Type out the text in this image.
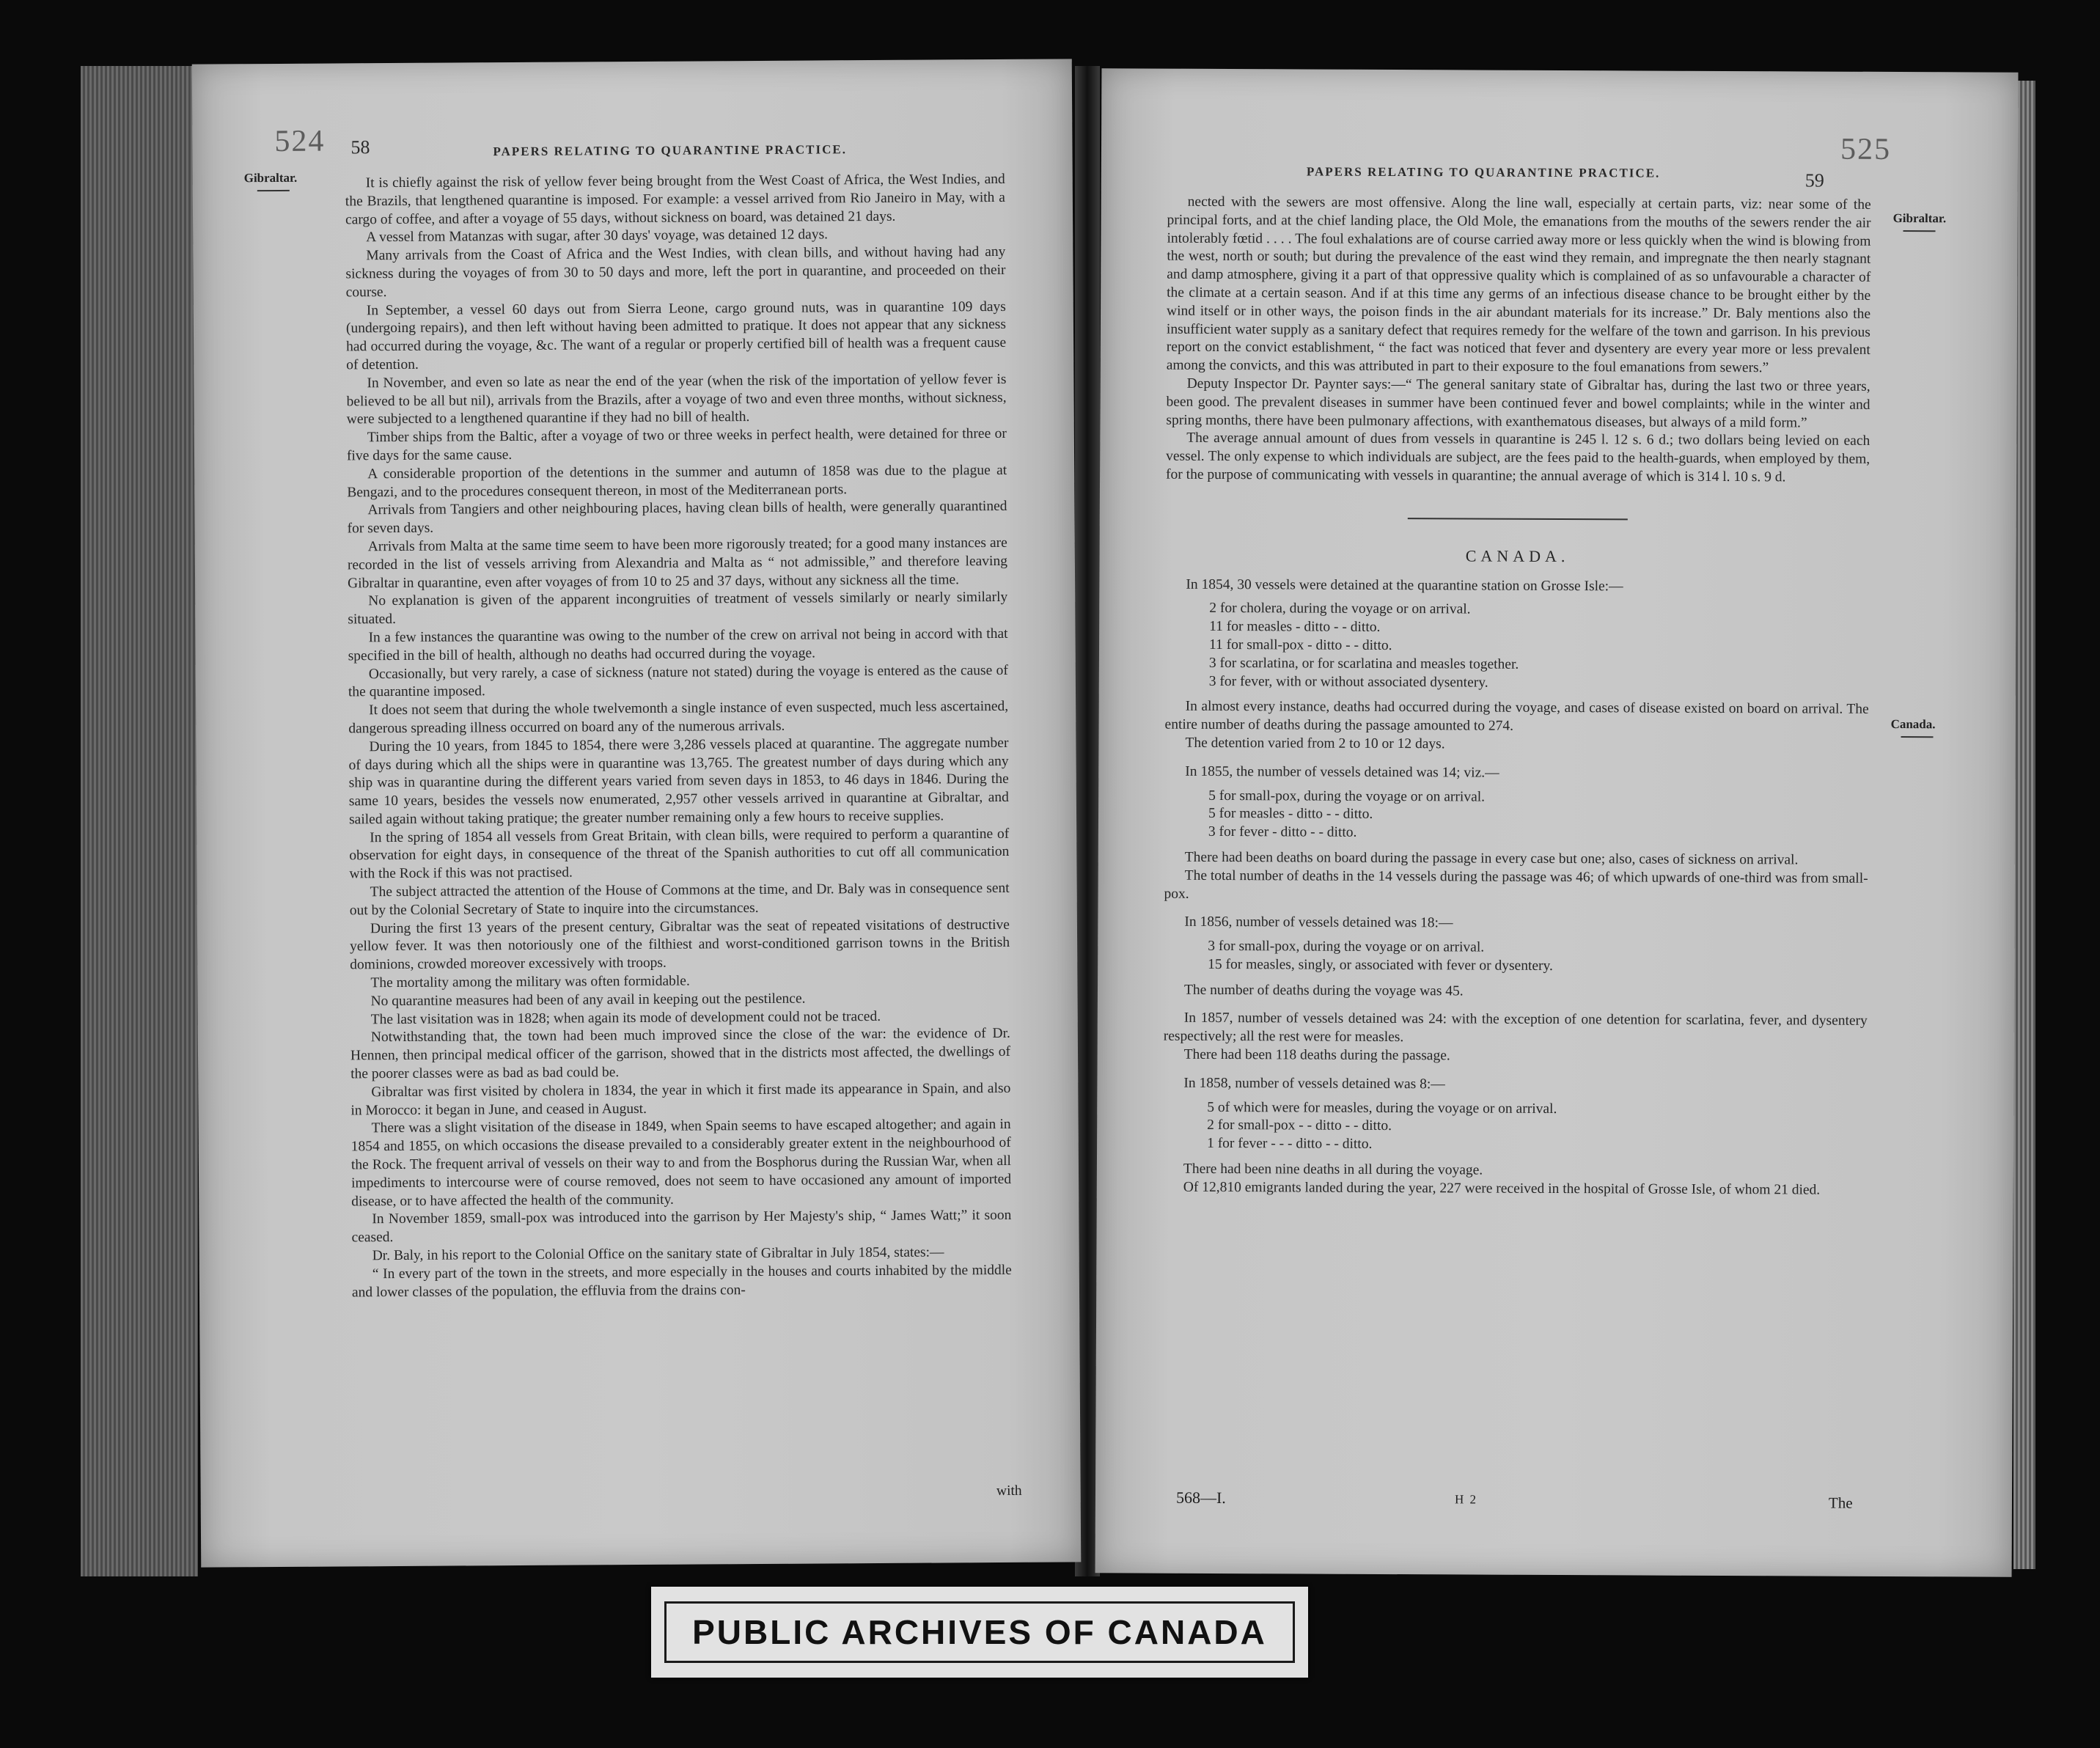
524 58	PAPERS RELATING TO QUARANTINE PRACTICE.
Gibraltar.	It is chiefly against the risk of yellow fever being brought from the West Coast of Africa, the West Indies, and the Brazils, that lengthened quarantine is imposed. For example: a vessel arrived from Rio Janeiro in May, with a cargo of coffee, and after a voyage of 55 days, without sickness on board, was detained 21 days.

A vessel from Matanzas with sugar, after 30 days' voyage, was detained 12 days.

Many arrivals from the Coast of Africa and the West Indies, with clean bills, and without having had any sickness during the voyages of from 30 to 50 days and more, left the port in quarantine, and proceeded on their course.

In September, a vessel 60 days out from Sierra Leone, cargo ground nuts, was in quarantine 109 days (undergoing repairs), and then left without having been admitted to pratique. It does not appear that any sickness had occurred during the voyage, &c. The want of a regular or properly certified bill of health was a frequent cause of detention.

In November, and even so late as near the end of the year (when the risk of the importation of yellow fever is believed to be all but nil), arrivals from the Brazils, after a voyage of two and even three months, without sickness, were subjected to a lengthened quarantine if they had no bill of health.

Timber ships from the Baltic, after a voyage of two or three weeks in perfect health, were detained for three or five days for the same cause.

A considerable proportion of the detentions in the summer and autumn of 1858 was due to the plague at Bengazi, and to the procedures consequent thereon, in most of the Mediterranean ports.

Arrivals from Tangiers and other neighbouring places, having clean bills of health, were generally quarantined for seven days.

Arrivals from Malta at the same time seem to have been more rigorously treated; for a good many instances are recorded in the list of vessels arriving from Alexandria and Malta as “ not admissible,” and therefore leaving Gibraltar in quarantine, even after voyages of from 10 to 25 and 37 days, without any sickness all the time.

No explanation is given of the apparent incongruities of treatment of vessels similarly or nearly similarly situated.

In a few instances the quarantine was owing to the number of the crew on arrival not being in accord with that specified in the bill of health, although no deaths had occurred during the voyage.

Occasionally, but very rarely, a case of sickness (nature not stated) during the voyage is entered as the cause of the quarantine imposed.

It does not seem that during the whole twelvemonth a single instance of even suspected, much less ascertained, dangerous spreading illness occurred on board any of the numerous arrivals.

During the 10 years, from 1845 to 1854, there were 3,286 vessels placed at quarantine. The aggregate number of days during which all the ships were in quarantine was 13,765. The greatest number of days during which any ship was in quarantine during the different years varied from seven days in 1853, to 46 days in 1846. During the same 10 years, besides the vessels now enumerated, 2,957 other vessels arrived in quarantine at Gibraltar, and sailed again without taking pratique; the greater number remaining only a few hours to receive supplies.

In the spring of 1854 all vessels from Great Britain, with clean bills, were required to perform a quarantine of observation for eight days, in consequence of the threat of the Spanish authorities to cut off all communication with the Rock if this was not practised.

The subject attracted the attention of the House of Commons at the time, and Dr. Baly was in consequence sent out by the Colonial Secretary of State to inquire into the circumstances.

During the first 13 years of the present century, Gibraltar was the seat of repeated visitations of destructive yellow fever. It was then notoriously one of the filthiest and worst-conditioned garrison towns in the British dominions, crowded moreover excessively with troops.

The mortality among the military was often formidable.

No quarantine measures had been of any avail in keeping out the pestilence.

The last visitation was in 1828; when again its mode of development could not be traced.

Notwithstanding that, the town had been much improved since the close of the war: the evidence of Dr. Hennen, then principal medical officer of the garrison, showed that in the districts most affected, the dwellings of the poorer classes were as bad as bad could be.

Gibraltar was first visited by cholera in 1834, the year in which it first made its appearance in Spain, and also in Morocco: it began in June, and ceased in August.

There was a slight visitation of the disease in 1849, when Spain seems to have escaped altogether; and again in 1854 and 1855, on which occasions the disease prevailed to a considerably greater extent in the neighbourhood of the Rock. The frequent arrival of vessels on their way to and from the Bosphorus during the Russian War, when all impediments to intercourse were of course removed, does not seem to have occasioned any amount of imported disease, or to have affected the health of the community.

In November 1859, small-pox was introduced into the garrison by Her Majesty's ship, “ James Watt;” it soon ceased.

Dr. Baly, in his report to the Colonial Office on the sanitary state of Gibraltar in July 1854, states:—

“ In every part of the town in the streets, and more especially in the houses and courts inhabited by the middle and lower classes of the population, the effluvia from the drains con-

with
PAPERS RELATING TO QUARANTINE PRACTICE.	59
525
Gibraltar.
Canada.

nected with the sewers are most offensive. Along the line wall, especially at certain parts, viz: near some of the principal forts, and at the chief landing place, the Old Mole, the emanations from the mouths of the sewers render the air intolerably fœtid . . . . The foul exhalations are of course carried away more or less quickly when the wind is blowing from the west, north or south; but during the prevalence of the east wind they remain, and impregnate the then nearly stagnant and damp atmosphere, giving it a part of that oppressive quality which is complained of as so unfavourable a character of the climate at a certain season. And if at this time any germs of an infectious disease chance to be brought either by the wind itself or in other ways, the poison finds in the air abundant materials for its increase.” Dr. Baly mentions also the insufficient water supply as a sanitary defect that requires remedy for the welfare of the town and garrison. In his previous report on the convict establishment, “ the fact was noticed that fever and dysentery are every year more or less prevalent among the convicts, and this was attributed in part to their exposure to the foul emanations from sewers.”

Deputy Inspector Dr. Paynter says:—“ The general sanitary state of Gibraltar has, during the last two or three years, been good. The prevalent diseases in summer have been continued fever and bowel complaints; while in the winter and spring months, there have been pulmonary affections, with exanthematous diseases, but always of a mild form.”

The average annual amount of dues from vessels in quarantine is 245 l. 12 s. 6 d.; two dollars being levied on each vessel. The only expense to which individuals are subject, are the fees paid to the health-guards, when employed by them, for the purpose of communicating with vessels in quarantine; the annual average of which is 314 l. 10 s. 9 d.

CANADA.

In 1854, 30 vessels were detained at the quarantine station on Grosse Isle:—

2 for cholera, during the voyage or on arrival.
11 for measles - ditto - - ditto.
11 for small-pox - ditto - - ditto.
3 for scarlatina, or for scarlatina and measles together.
3 for fever, with or without associated dysentery.

In almost every instance, deaths had occurred during the voyage, and cases of disease existed on board on arrival. The entire number of deaths during the passage amounted to 274.

The detention varied from 2 to 10 or 12 days.

In 1855, the number of vessels detained was 14; viz.—

5 for small-pox, during the voyage or on arrival.
5 for measles - ditto - - ditto.
3 for fever - ditto - - ditto.

There had been deaths on board during the passage in every case but one; also, cases of sickness on arrival.

The total number of deaths in the 14 vessels during the passage was 46; of which upwards of one-third was from small-pox.

In 1856, number of vessels detained was 18:—

3 for small-pox, during the voyage or on arrival.
15 for measles, singly, or associated with fever or dysentery.

The number of deaths during the voyage was 45.

In 1857, number of vessels detained was 24: with the exception of one detention for scarlatina, fever, and dysentery respectively; all the rest were for measles.

There had been 118 deaths during the passage.

In 1858, number of vessels detained was 8:—

5 of which were for measles, during the voyage or on arrival.
2 for small-pox - - ditto - - ditto.
1 for fever - - - ditto - - ditto.

There had been nine deaths in all during the voyage.

Of 12,810 emigrants landed during the year, 227 were received in the hospital of Grosse Isle, of whom 21 died.

568—I.	H 2	The
PUBLIC ARCHIVES OF CANADA
